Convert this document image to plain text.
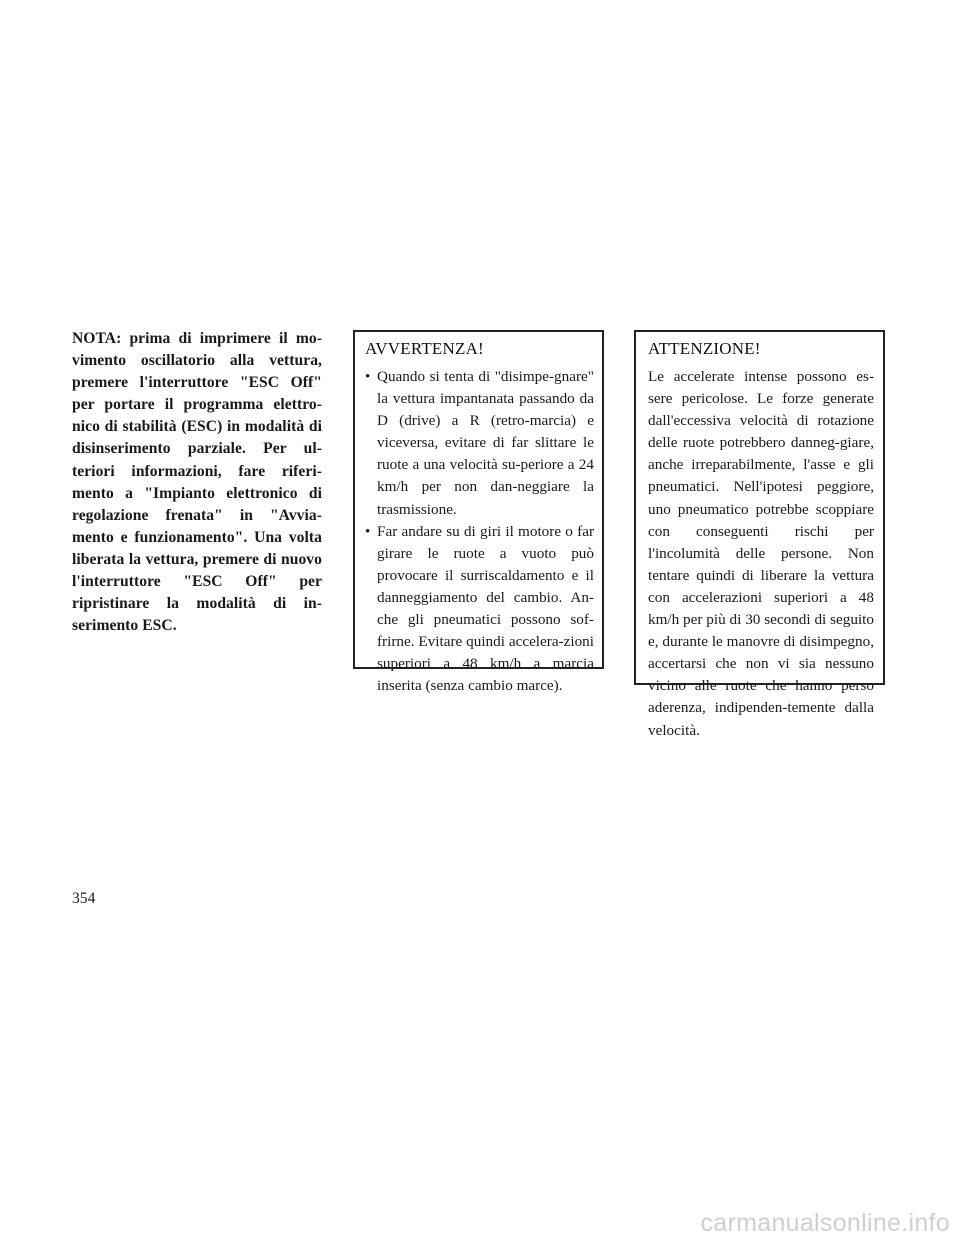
NOTA: prima di imprimere il mo-vimento oscillatorio alla vettura, premere l'interruttore "ESC Off" per portare il programma elettro-nico di stabilità (ESC) in modalità di disinserimento parziale. Per ul-teriori informazioni, fare riferi-mento a "Impianto elettronico di regolazione frenata" in "Avvia-mento e funzionamento". Una volta liberata la vettura, premere di nuovo l'interruttore "ESC Off" per ripristinare la modalità di in-serimento ESC.

AVVERTENZA!
• Quando si tenta di "disimpe-gnare" la vettura impantanata passando da D (drive) a R (retro-marcia) e viceversa, evitare di far slittare le ruote a una velocità su-periore a 24 km/h per non dan-neggiare la trasmissione.
• Far andare su di giri il motore o far girare le ruote a vuoto può provocare il surriscaldamento e il danneggiamento del cambio. An-che gli pneumatici possono sof-frirne. Evitare quindi accelera-zioni superiori a 48 km/h a marcia inserita (senza cambio marce).
ATTENZIONE!

Le accelerate intense possono es-sere pericolose. Le forze generate dall'eccessiva velocità di rotazione delle ruote potrebbero danneg-giare, anche irreparabilmente, l'asse e gli pneumatici. Nell'ipotesi peggiore, uno pneumatico potrebbe scoppiare con conseguenti rischi per l'incolumità delle persone. Non tentare quindi di liberare la vettura con accelerazioni superiori a 48 km/h per più di 30 secondi di seguito e, durante le manovre di disimpegno, accertarsi che non vi sia nessuno vicino alle ruote che hanno perso aderenza, indipenden-temente dalla velocità.

354
carmanualsonline.info
